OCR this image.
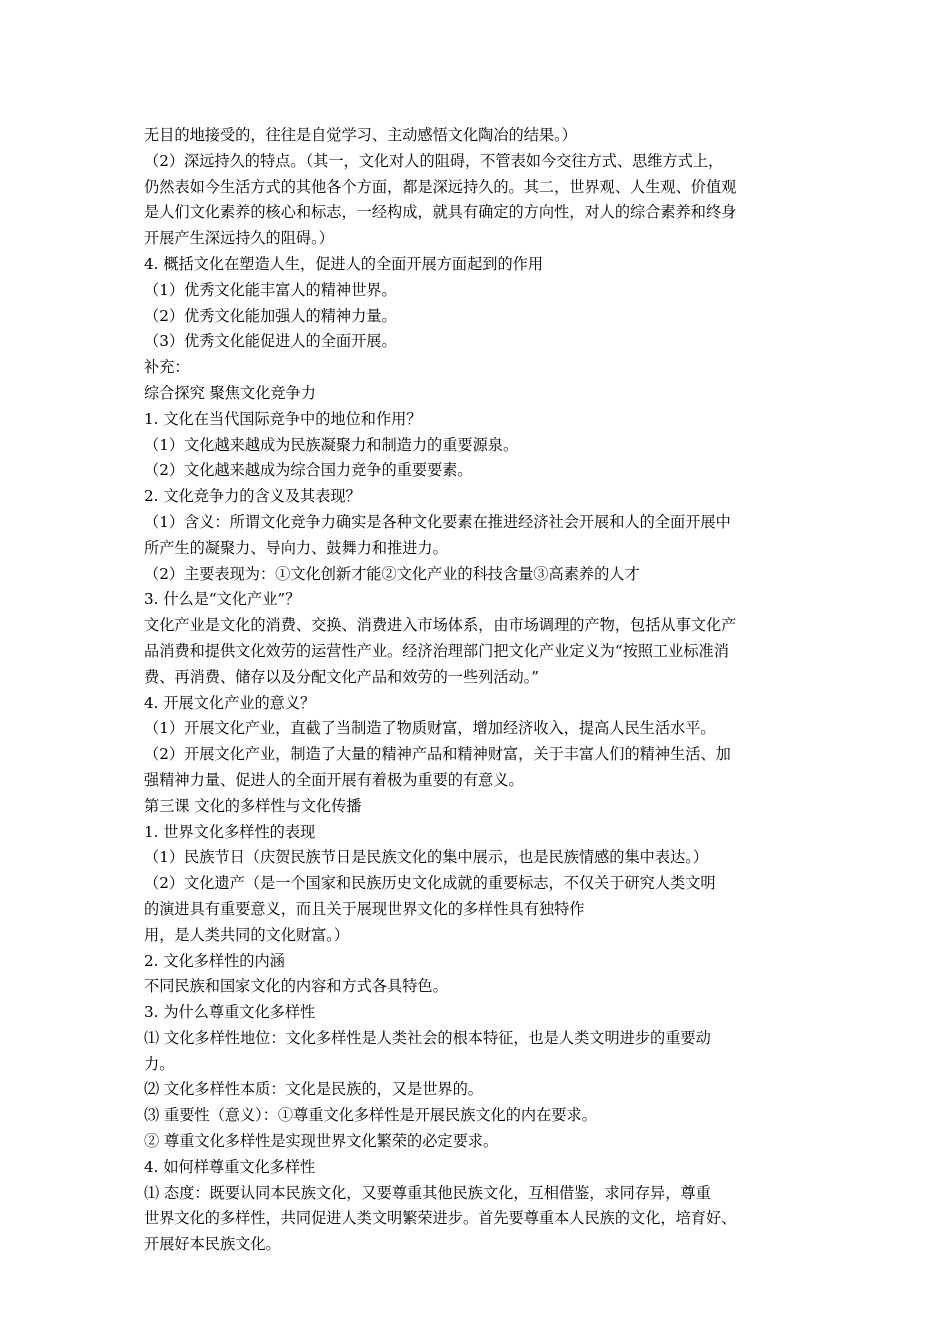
无目的地接受的，往往是自觉学习、主动感悟文化陶冶的结果。）
（2）深远持久的特点。（其一，文化对人的阻碍，不管表如今交往方式、思维方式上，
仍然表如今生活方式的其他各个方面，都是深远持久的。其二，世界观、人生观、价值观
是人们文化素养的核心和标志，一经构成，就具有确定的方向性，对人的综合素养和终身
开展产生深远持久的阻碍。）
4. 概括文化在塑造人生，促进人的全面开展方面起到的作用
（1）优秀文化能丰富人的精神世界。
（2）优秀文化能加强人的精神力量。
（3）优秀文化能促进人的全面开展。
补充：
综合探究 聚焦文化竞争力
1. 文化在当代国际竞争中的地位和作用？
（1）文化越来越成为民族凝聚力和制造力的重要源泉。
（2）文化越来越成为综合国力竞争的重要要素。
2. 文化竞争力的含义及其表现？
（1）含义：所谓文化竞争力确实是各种文化要素在推进经济社会开展和人的全面开展中
所产生的凝聚力、导向力、鼓舞力和推进力。
（2）主要表现为：①文化创新才能②文化产业的科技含量③高素养的人才
3. 什么是“文化产业”？
文化产业是文化的消费、交换、消费进入市场体系，由市场调理的产物，包括从事文化产
品消费和提供文化效劳的运营性产业。经济治理部门把文化产业定义为“按照工业标准消
费、再消费、储存以及分配文化产品和效劳的一些列活动。”
4. 开展文化产业的意义？
（1）开展文化产业，直截了当制造了物质财富，增加经济收入，提高人民生活水平。
（2）开展文化产业，制造了大量的精神产品和精神财富，关于丰富人们的精神生活、加
强精神力量、促进人的全面开展有着极为重要的有意义。
第三课 文化的多样性与文化传播
1. 世界文化多样性的表现
（1）民族节日（庆贺民族节日是民族文化的集中展示，也是民族情感的集中表达。）
（2）文化遗产（是一个国家和民族历史文化成就的重要标志，不仅关于研究人类文明
的演进具有重要意义，而且关于展现世界文化的多样性具有独特作
用，是人类共同的文化财富。）
2. 文化多样性的内涵
不同民族和国家文化的内容和方式各具特色。
3. 为什么尊重文化多样性
⑴ 文化多样性地位：文化多样性是人类社会的根本特征，也是人类文明进步的重要动
力。
⑵ 文化多样性本质：文化是民族的，又是世界的。
⑶ 重要性（意义）：①尊重文化多样性是开展民族文化的内在要求。
② 尊重文化多样性是实现世界文化繁荣的必定要求。
4. 如何样尊重文化多样性
⑴ 态度：既要认同本民族文化，又要尊重其他民族文化，互相借鉴，求同存异，尊重
世界文化的多样性，共同促进人类文明繁荣进步。首先要尊重本人民族的文化，培育好、
开展好本民族文化。
